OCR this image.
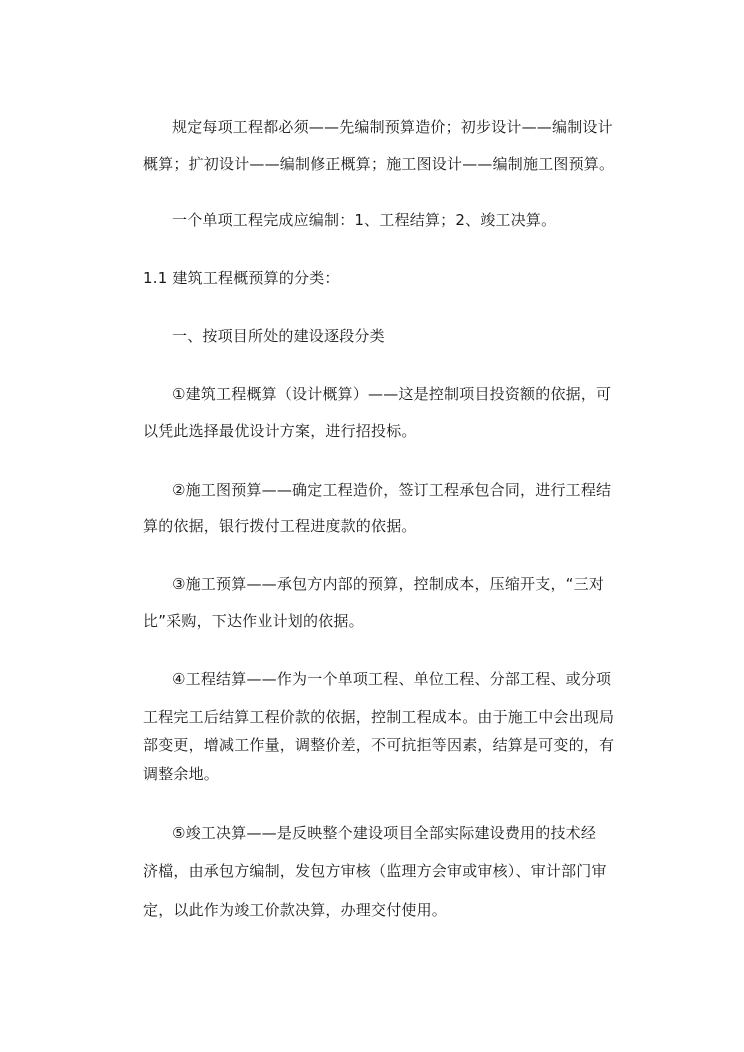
规定每项工程都必须——先编制预算造价；初步设计——编制设计
概算；扩初设计——编制修正概算；施工图设计——编制施工图预算。
一个单项工程完成应编制：1、工程结算；2、竣工决算。
1.1 建筑工程概预算的分类：
一、按项目所处的建设逐段分类
①建筑工程概算（设计概算）——这是控制项目投资额的依据，可
以凭此选择最优设计方案，进行招投标。
②施工图预算——确定工程造价，签订工程承包合同，进行工程结
算的依据，银行拨付工程进度款的依据。
③施工预算——承包方内部的预算，控制成本，压缩开支，“三对
比”采购，下达作业计划的依据。
④工程结算——作为一个单项工程、单位工程、分部工程、或分项
工程完工后结算工程价款的依据，控制工程成本。由于施工中会出现局
部变更，增减工作量，调整价差，不可抗拒等因素，结算是可变的，有
调整余地。
⑤竣工决算——是反映整个建设项目全部实际建设费用的技术经
济檔，由承包方编制，发包方审核（监理方会审或审核）、审计部门审
定，以此作为竣工价款决算，办理交付使用。
